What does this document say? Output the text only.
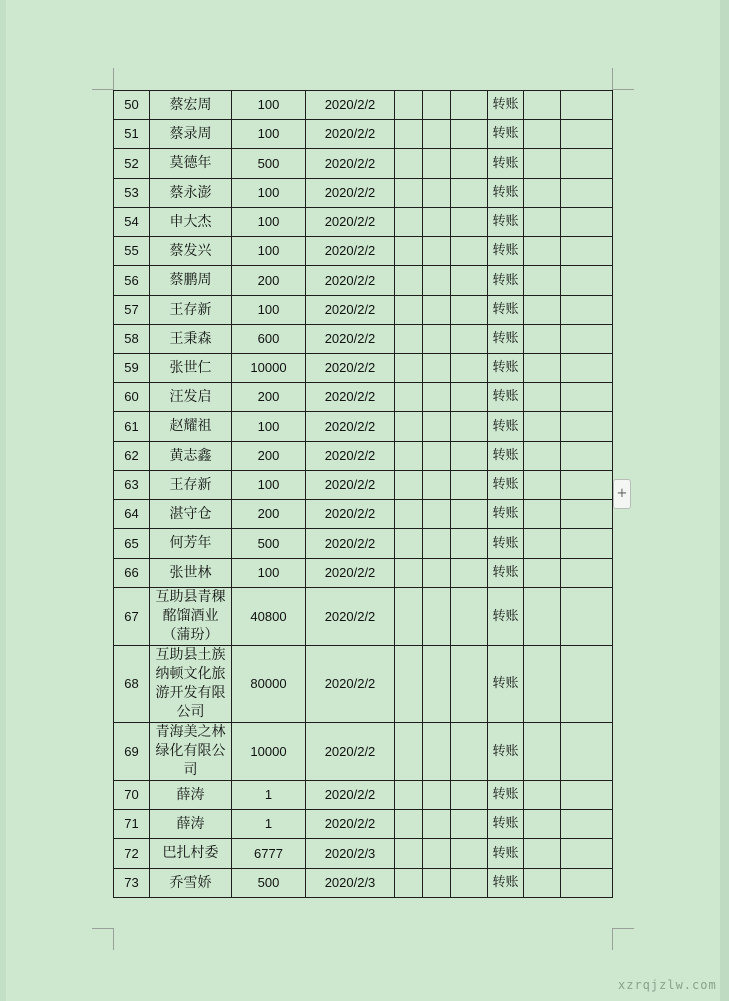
50	蔡宏周	100	2020/2/2				转账		
51	蔡录周	100	2020/2/2				转账		
52	莫德年	500	2020/2/2				转账		
53	蔡永澎	100	2020/2/2				转账		
54	申大杰	100	2020/2/2				转账		
55	蔡发兴	100	2020/2/2				转账		
56	蔡鹏周	200	2020/2/2				转账		
57	王存新	100	2020/2/2				转账		
58	王秉森	600	2020/2/2				转账		
59	张世仁	10000	2020/2/2				转账		
60	汪发启	200	2020/2/2				转账		
61	赵耀祖	100	2020/2/2				转账		
62	黄志鑫	200	2020/2/2				转账		
63	王存新	100	2020/2/2				转账		
64	湛守仓	200	2020/2/2				转账		
65	何芳年	500	2020/2/2				转账		
66	张世林	100	2020/2/2				转账		
67	互助县青稞酩馏酒业（蒲玢）	40800	2020/2/2				转账		
68	互助县土族纳顿文化旅游开发有限公司	80000	2020/2/2				转账		
69	青海美之林绿化有限公司	10000	2020/2/2				转账		
70	薛涛	1	2020/2/2				转账		
71	薛涛	1	2020/2/2				转账		
72	巴扎村委	6777	2020/2/3				转账		
73	乔雪娇	500	2020/2/3				转账		
+
xzrqjzlw.com
